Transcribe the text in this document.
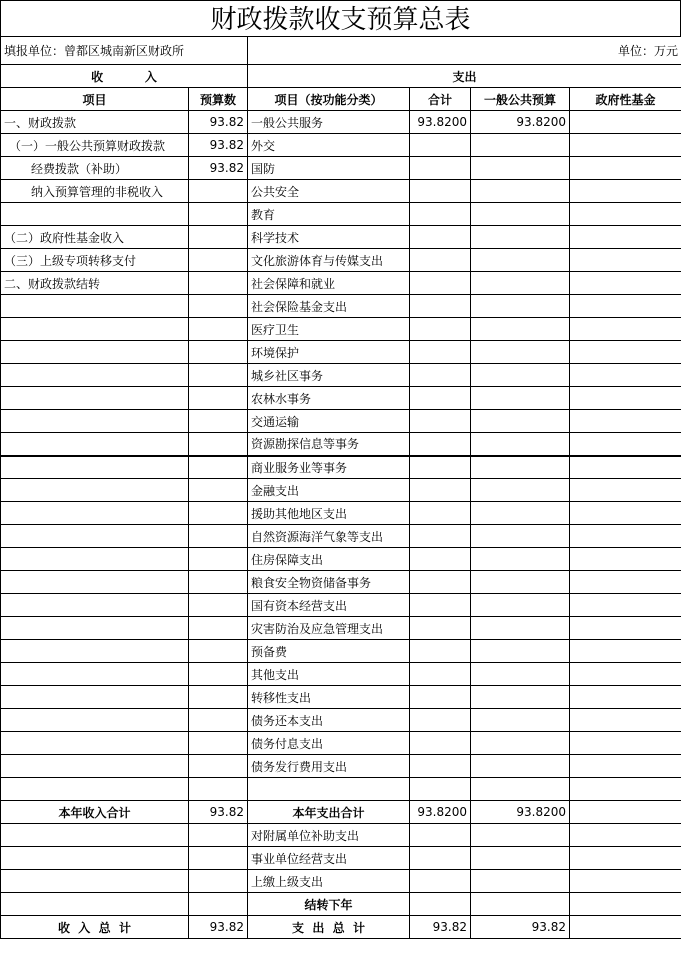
财政拨款收支预算总表
填报单位：曾都区城南新区财政所		单位：万元			
收          入		支出			
项目	预算数	项目（按功能分类）	合计	一般公共预算	政府性基金
一、财政拨款	93.82	一般公共服务	93.8200	93.8200	
（一）一般公共预算财政拨款	93.82	外交			
经费拨款（补助）	93.82	国防			
纳入预算管理的非税收入		公共安全			
		教育			
（二）政府性基金收入		科学技术			
（三）上级专项转移支付		文化旅游体育与传媒支出			
二、财政拨款结转		社会保障和就业			
		社会保险基金支出			
		医疗卫生			
		环境保护			
		城乡社区事务			
		农林水事务			
		交通运输			
		资源勘探信息等事务			
		商业服务业等事务			
		金融支出			
		援助其他地区支出			
		自然资源海洋气象等支出			
		住房保障支出			
		粮食安全物资储备事务			
		国有资本经营支出			
		灾害防治及应急管理支出			
		预备费			
		其他支出			
		转移性支出			
		债务还本支出			
		债务付息支出			
		债务发行费用支出			

本年收入合计	93.82	本年支出合计	93.8200	93.8200	
		对附属单位补助支出			
		事业单位经营支出			
		上缴上级支出			
		结转下年			
收  入  总  计	93.82	支  出  总  计	93.82	93.82	
